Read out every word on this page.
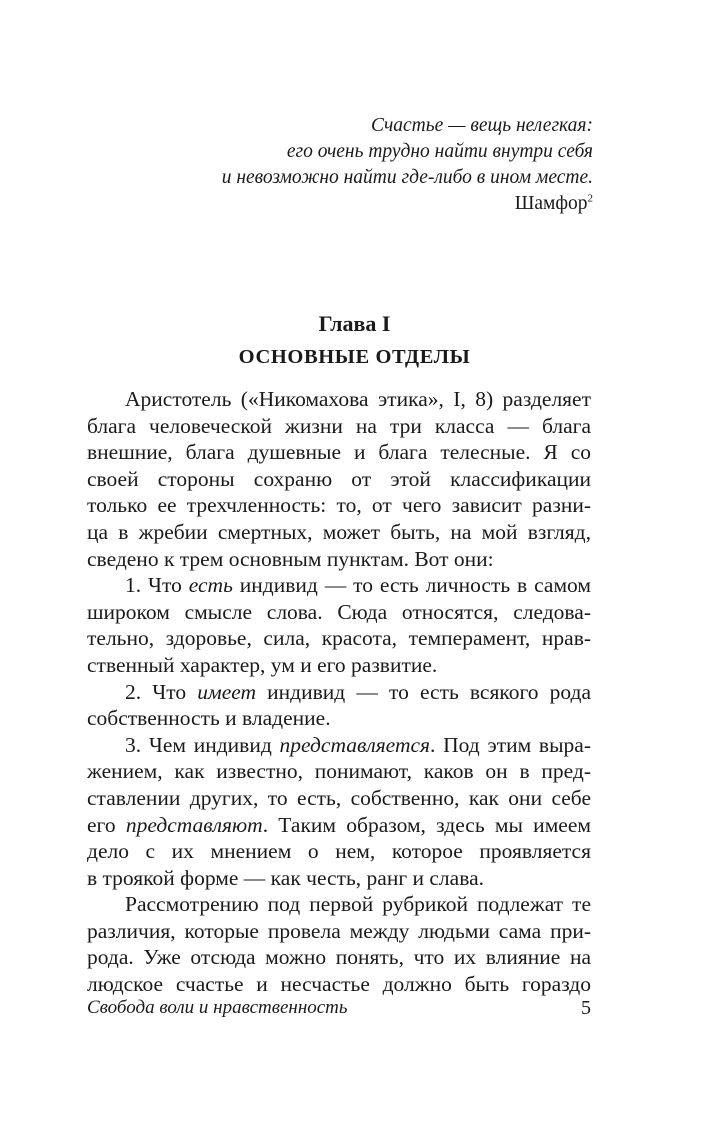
Счастье — вещь нелегкая:
его очень трудно найти внутри себя
и невозможно найти где-либо в ином месте.
Шамфор$^2$
Глава I
ОСНОВНЫЕ ОТДЕЛЫ
Аристотель («Никомахова этика», I, 8) разделяет
блага человеческой жизни на три класса — блага
внешние, блага душевные и блага телесные. Я со
своей стороны сохраню от этой классификации
только ее трехчленность: то, от чего зависит разни-
ца в жребии смертных, может быть, на мой взгляд,
сведено к трем основным пунктам. Вот они:
1. Что есть индивид — то есть личность в самом
широком смысле слова. Сюда относятся, следова-
тельно, здоровье, сила, красота, темперамент, нрав-
ственный характер, ум и его развитие.
2. Что имеет индивид — то есть всякого рода
собственность и владение.
3. Чем индивид представляется. Под этим выра-
жением, как известно, понимают, каков он в пред-
ставлении других, то есть, собственно, как они себе
его представляют. Таким образом, здесь мы имеем
дело с их мнением о нем, которое проявляется
в троякой форме — как честь, ранг и слава.
Рассмотрению под первой рубрикой подлежат те
различия, которые провела между людьми сама при-
рода. Уже отсюда можно понять, что их влияние на
людское счастье и несчастье должно быть гораздо
Свобода воли и нравственность	5
